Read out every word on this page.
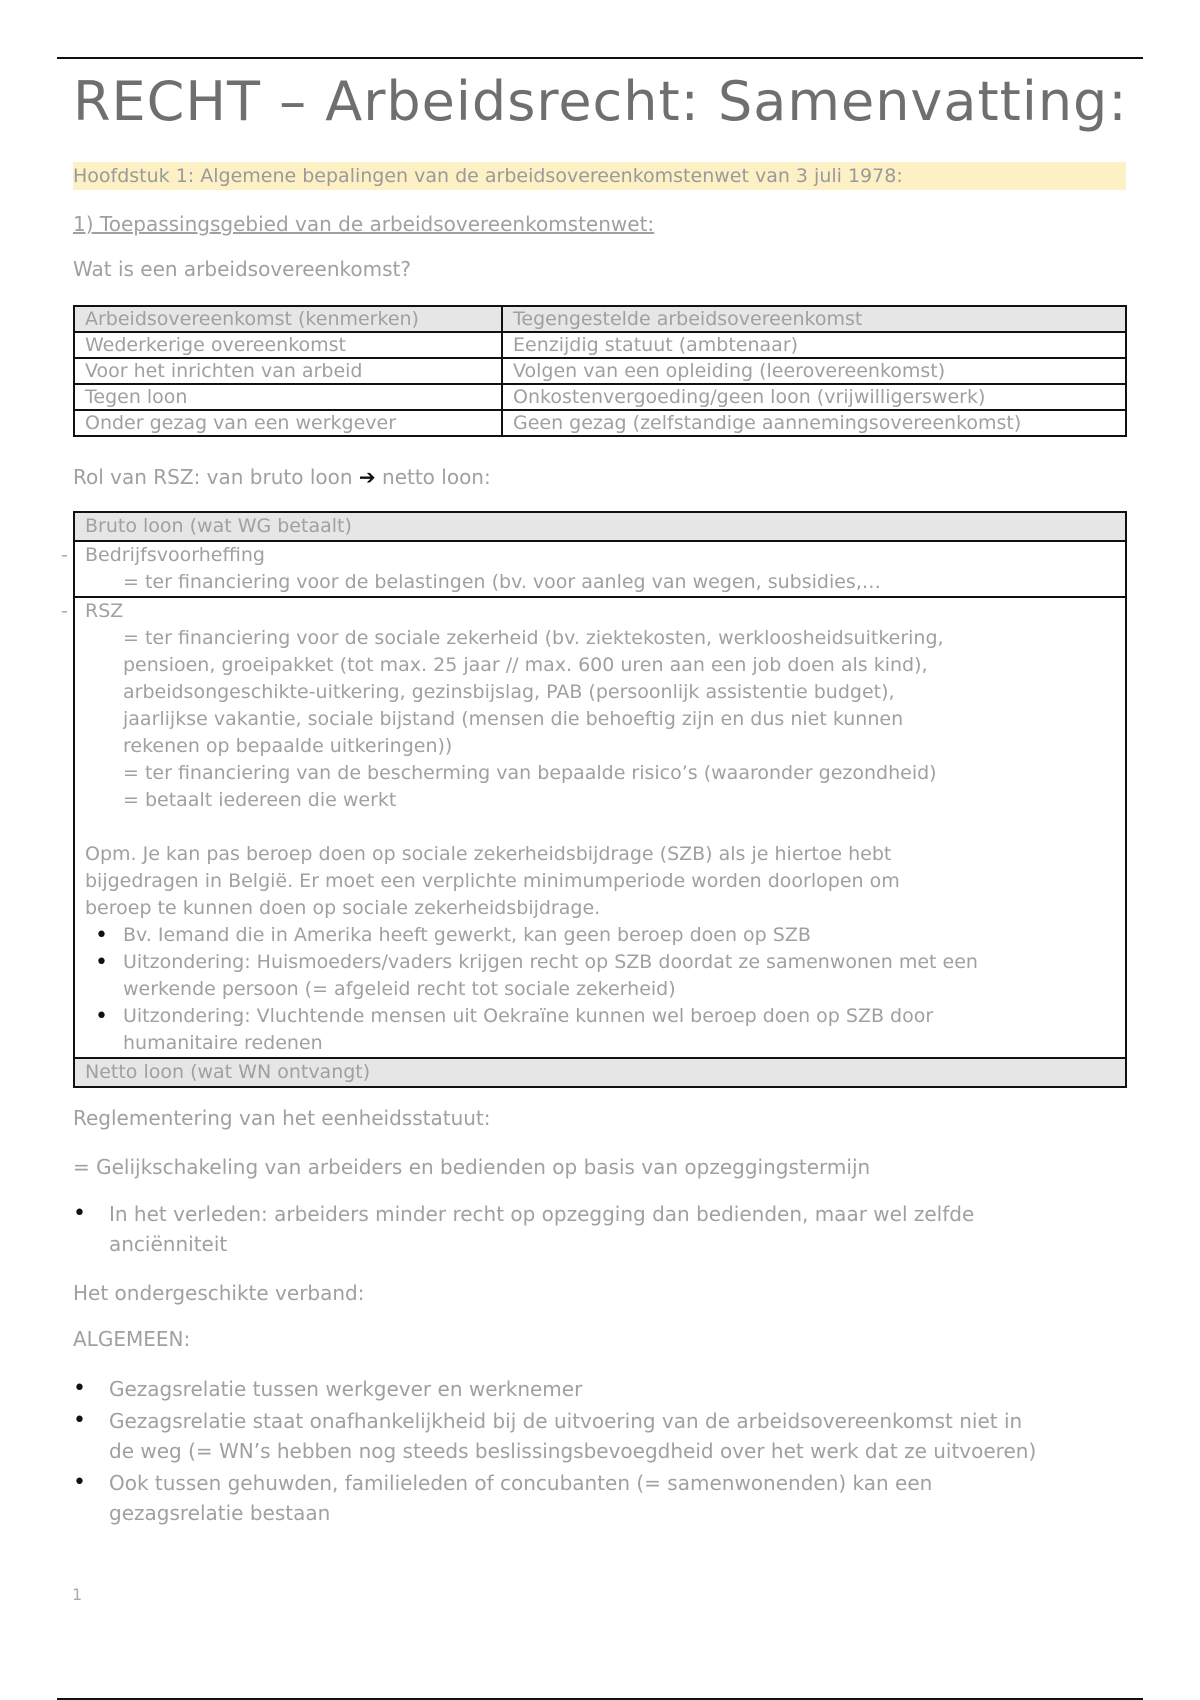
RECHT – Arbeidsrecht: Samenvatting:
Hoofdstuk 1: Algemene bepalingen van de arbeidsovereenkomstenwet van 3 juli 1978:

1) Toepassingsgebied van de arbeidsovereenkomstenwet:

Wat is een arbeidsovereenkomst?

Arbeidsovereenkomst (kenmerken)	Tegengestelde arbeidsovereenkomst
Wederkerige overeenkomst	Eenzijdig statuut (ambtenaar)
Voor het inrichten van arbeid	Volgen van een opleiding (leerovereenkomst)
Tegen loon	Onkostenvergoeding/geen loon (vrijwilligerswerk)
Onder gezag van een werkgever	Geen gezag (zelfstandige aannemingsovereenkomst)

Rol van RSZ: van bruto loon ➔ netto loon:

Bruto loon (wat WG betaalt)
- Bedrijfsvoorheffing
= ter financiering voor de belastingen (bv. voor aanleg van wegen, subsidies,…
- RSZ
= ter financiering voor de sociale zekerheid (bv. ziektekosten, werkloosheidsuitkering,
pensioen, groeipakket (tot max. 25 jaar // max. 600 uren aan een job doen als kind),
arbeidsongeschikte-uitkering, gezinsbijslag, PAB (persoonlijk assistentie budget),
jaarlijkse vakantie, sociale bijstand (mensen die behoeftig zijn en dus niet kunnen
rekenen op bepaalde uitkeringen))
= ter financiering van de bescherming van bepaalde risico’s (waaronder gezondheid)
= betaalt iedereen die werkt
Opm. Je kan pas beroep doen op sociale zekerheidsbijdrage (SZB) als je hiertoe hebt
bijgedragen in België. Er moet een verplichte minimumperiode worden doorlopen om
beroep te kunnen doen op sociale zekerheidsbijdrage.
• Bv. Iemand die in Amerika heeft gewerkt, kan geen beroep doen op SZB
• Uitzondering: Huismoeders/vaders krijgen recht op SZB doordat ze samenwonen met een
werkende persoon (= afgeleid recht tot sociale zekerheid)
• Uitzondering: Vluchtende mensen uit Oekraïne kunnen wel beroep doen op SZB door
humanitaire redenen
Netto loon (wat WN ontvangt)

Reglementering van het eenheidsstatuut:

= Gelijkschakeling van arbeiders en bedienden op basis van opzeggingstermijn

• In het verleden: arbeiders minder recht op opzegging dan bedienden, maar wel zelfde
anciënniteit

Het ondergeschikte verband:

ALGEMEEN:

• Gezagsrelatie tussen werkgever en werknemer
• Gezagsrelatie staat onafhankelijkheid bij de uitvoering van de arbeidsovereenkomst niet in
de weg (= WN’s hebben nog steeds beslissingsbevoegdheid over het werk dat ze uitvoeren)
• Ook tussen gehuwden, familieleden of concubanten (= samenwonenden) kan een
gezagsrelatie bestaan
1
